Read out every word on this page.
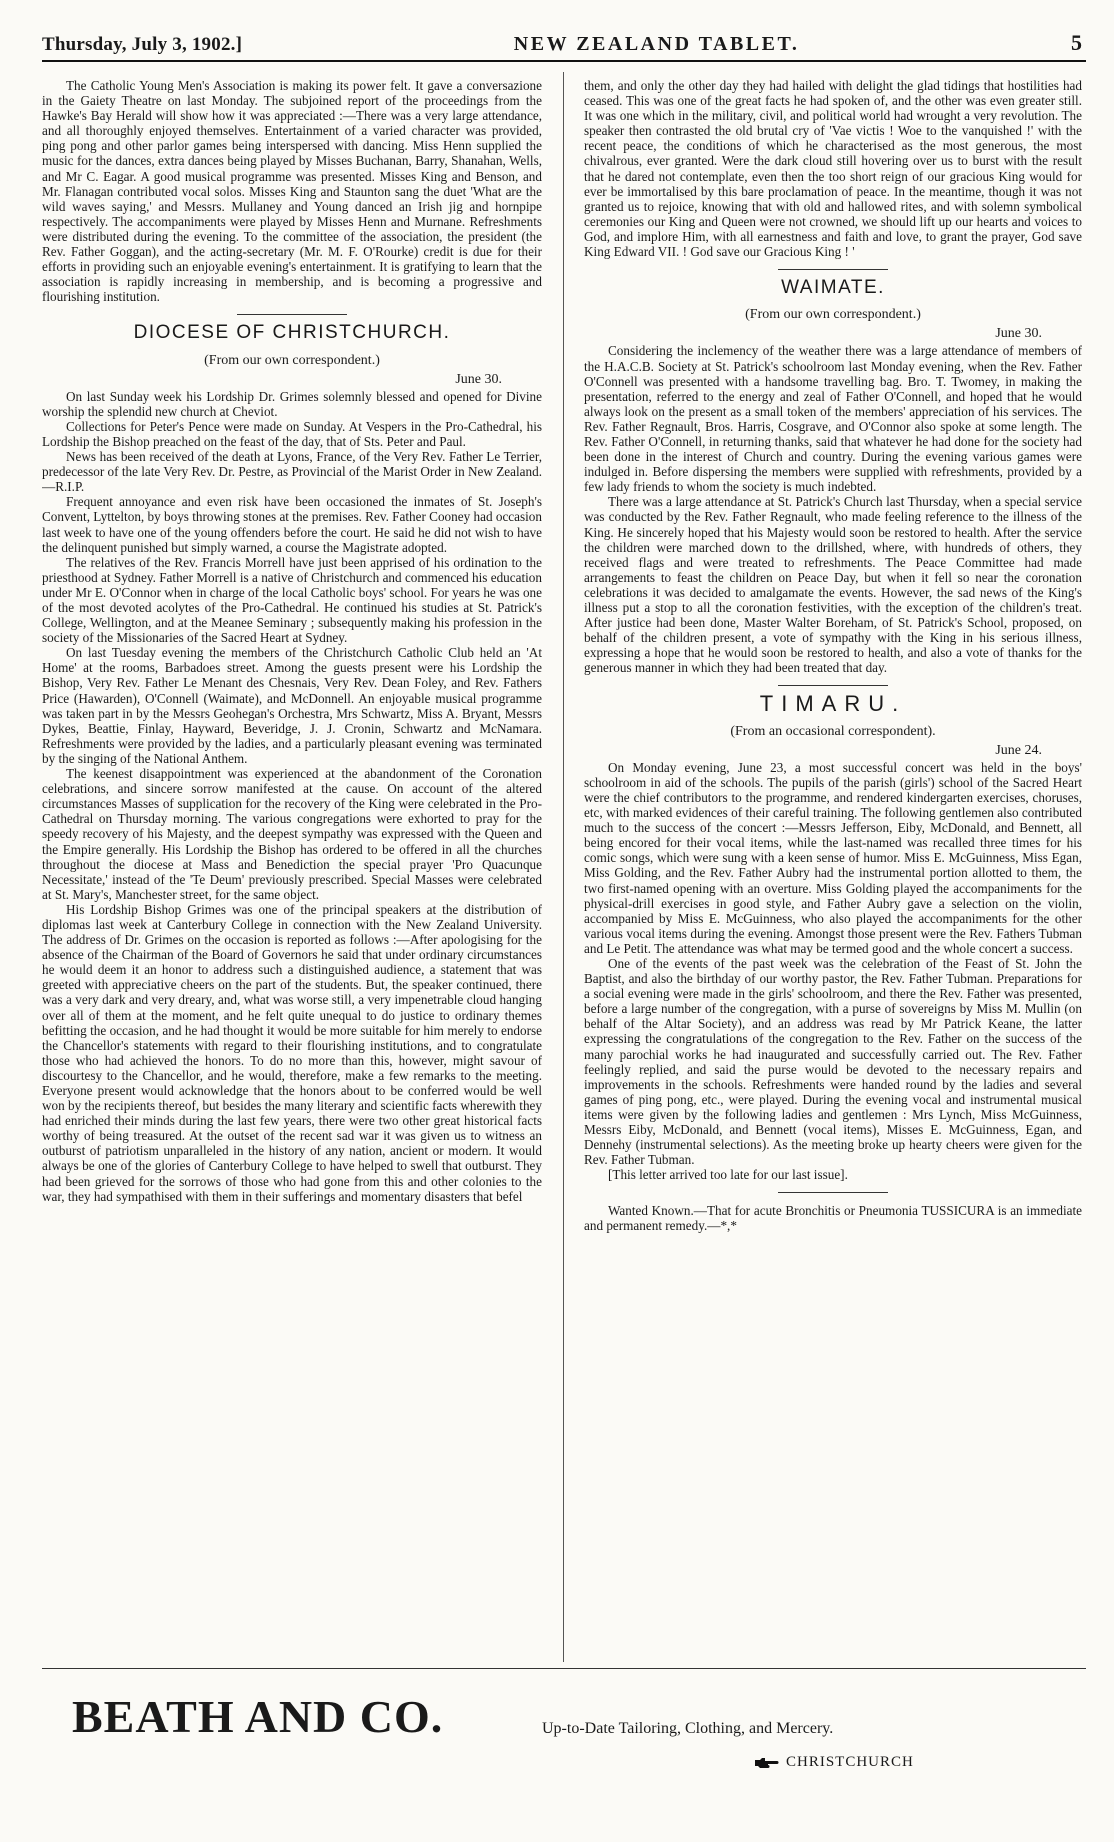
Thursday, July 3, 1902.]	NEW ZEALAND TABLET.	5

The Catholic Young Men's Association is making its power felt. It gave a conversazione in the Gaiety Theatre on last Monday. The subjoined report of the proceedings from the Hawke's Bay Herald will show how it was appreciated :—There was a very large attendance, and all thoroughly enjoyed themselves. Entertainment of a varied character was provided, ping pong and other parlor games being interspersed with dancing. Miss Henn supplied the music for the dances, extra dances being played by Misses Buchanan, Barry, Shanahan, Wells, and Mr C. Eagar. A good musical programme was presented. Misses King and Benson, and Mr. Flanagan contributed vocal solos. Misses King and Staunton sang the duet 'What are the wild waves saying,' and Messrs. Mullaney and Young danced an Irish jig and hornpipe respectively. The accompaniments were played by Misses Henn and Murnane. Refreshments were distributed during the evening. To the committee of the association, the president (the Rev. Father Goggan), and the acting-secretary (Mr. M. F. O'Rourke) credit is due for their efforts in providing such an enjoyable evening's entertainment. It is gratifying to learn that the association is rapidly increasing in membership, and is becoming a progressive and flourishing institution.

DIOCESE OF CHRISTCHURCH.
(From our own correspondent.)
June 30.

On last Sunday week his Lordship Dr. Grimes solemnly blessed and opened for Divine worship the splendid new church at Cheviot.

Collections for Peter's Pence were made on Sunday. At Vespers in the Pro-Cathedral, his Lordship the Bishop preached on the feast of the day, that of Sts. Peter and Paul.

News has been received of the death at Lyons, France, of the Very Rev. Father Le Terrier, predecessor of the late Very Rev. Dr. Pestre, as Provincial of the Marist Order in New Zealand.—R.I.P.

Frequent annoyance and even risk have been occasioned the inmates of St. Joseph's Convent, Lyttelton, by boys throwing stones at the premises. Rev. Father Cooney had occasion last week to have one of the young offenders before the court. He said he did not wish to have the delinquent punished but simply warned, a course the Magistrate adopted.

The relatives of the Rev. Francis Morrell have just been apprised of his ordination to the priesthood at Sydney. Father Morrell is a native of Christchurch and commenced his education under Mr E. O'Connor when in charge of the local Catholic boys' school. For years he was one of the most devoted acolytes of the Pro-Cathedral. He continued his studies at St. Patrick's College, Wellington, and at the Meanee Seminary ; subsequently making his profession in the society of the Missionaries of the Sacred Heart at Sydney.

On last Tuesday evening the members of the Christchurch Catholic Club held an 'At Home' at the rooms, Barbadoes street. Among the guests present were his Lordship the Bishop, Very Rev. Father Le Menant des Chesnais, Very Rev. Dean Foley, and Rev. Fathers Price (Hawarden), O'Connell (Waimate), and McDonnell. An enjoyable musical programme was taken part in by the Messrs Geohegan's Orchestra, Mrs Schwartz, Miss A. Bryant, Messrs Dykes, Beattie, Finlay, Hayward, Beveridge, J. J. Cronin, Schwartz and McNamara. Refreshments were provided by the ladies, and a particularly pleasant evening was terminated by the singing of the National Anthem.

The keenest disappointment was experienced at the abandonment of the Coronation celebrations, and sincere sorrow manifested at the cause. On account of the altered circumstances Masses of supplication for the recovery of the King were celebrated in the Pro-Cathedral on Thursday morning. The various congregations were exhorted to pray for the speedy recovery of his Majesty, and the deepest sympathy was expressed with the Queen and the Empire generally. His Lordship the Bishop has ordered to be offered in all the churches throughout the diocese at Mass and Benediction the special prayer 'Pro Quacunque Necessitate,' instead of the 'Te Deum' previously prescribed. Special Masses were celebrated at St. Mary's, Manchester street, for the same object.

His Lordship Bishop Grimes was one of the principal speakers at the distribution of diplomas last week at Canterbury College in connection with the New Zealand University. The address of Dr. Grimes on the occasion is reported as follows :—After apologising for the absence of the Chairman of the Board of Governors he said that under ordinary circumstances he would deem it an honor to address such a distinguished audience, a statement that was greeted with appreciative cheers on the part of the students. But, the speaker continued, there was a very dark and very dreary, and, what was worse still, a very impenetrable cloud hanging over all of them at the moment, and he felt quite unequal to do justice to ordinary themes befitting the occasion, and he had thought it would be more suitable for him merely to endorse the Chancellor's statements with regard to their flourishing institutions, and to congratulate those who had achieved the honors. To do no more than this, however, might savour of discourtesy to the Chancellor, and he would, therefore, make a few remarks to the meeting. Everyone present would acknowledge that the honors about to be conferred would be well won by the recipients thereof, but besides the many literary and scientific facts wherewith they had enriched their minds during the last few years, there were two other great historical facts worthy of being treasured. At the outset of the recent sad war it was given us to witness an outburst of patriotism unparalleled in the history of any nation, ancient or modern. It would always be one of the glories of Canterbury College to have helped to swell that outburst. They had been grieved for the sorrows of those who had gone from this and other colonies to the war, they had sympathised with them in their sufferings and momentary disasters that befel

them, and only the other day they had hailed with delight the glad tidings that hostilities had ceased. This was one of the great facts he had spoken of, and the other was even greater still. It was one which in the military, civil, and political world had wrought a very revolution. The speaker then contrasted the old brutal cry of 'Vae victis ! Woe to the vanquished !' with the recent peace, the conditions of which he characterised as the most generous, the most chivalrous, ever granted. Were the dark cloud still hovering over us to burst with the result that he dared not contemplate, even then the too short reign of our gracious King would for ever be immortalised by this bare proclamation of peace. In the meantime, though it was not granted us to rejoice, knowing that with old and hallowed rites, and with solemn symbolical ceremonies our King and Queen were not crowned, we should lift up our hearts and voices to God, and implore Him, with all earnestness and faith and love, to grant the prayer, God save King Edward VII. ! God save our Gracious King ! '

WAIMATE.
(From our own correspondent.)
June 30.

Considering the inclemency of the weather there was a large attendance of members of the H.A.C.B. Society at St. Patrick's schoolroom last Monday evening, when the Rev. Father O'Connell was presented with a handsome travelling bag. Bro. T. Twomey, in making the presentation, referred to the energy and zeal of Father O'Connell, and hoped that he would always look on the present as a small token of the members' appreciation of his services. The Rev. Father Regnault, Bros. Harris, Cosgrave, and O'Connor also spoke at some length. The Rev. Father O'Connell, in returning thanks, said that whatever he had done for the society had been done in the interest of Church and country. During the evening various games were indulged in. Before dispersing the members were supplied with refreshments, provided by a few lady friends to whom the society is much indebted.

There was a large attendance at St. Patrick's Church last Thursday, when a special service was conducted by the Rev. Father Regnault, who made feeling reference to the illness of the King. He sincerely hoped that his Majesty would soon be restored to health. After the service the children were marched down to the drillshed, where, with hundreds of others, they received flags and were treated to refreshments. The Peace Committee had made arrangements to feast the children on Peace Day, but when it fell so near the coronation celebrations it was decided to amalgamate the events. However, the sad news of the King's illness put a stop to all the coronation festivities, with the exception of the children's treat. After justice had been done, Master Walter Boreham, of St. Patrick's School, proposed, on behalf of the children present, a vote of sympathy with the King in his serious illness, expressing a hope that he would soon be restored to health, and also a vote of thanks for the generous manner in which they had been treated that day.

TIMARU.
(From an occasional correspondent).
June 24.

On Monday evening, June 23, a most successful concert was held in the boys' schoolroom in aid of the schools. The pupils of the parish (girls') school of the Sacred Heart were the chief contributors to the programme, and rendered kindergarten exercises, choruses, etc, with marked evidences of their careful training. The following gentlemen also contributed much to the success of the concert :—Messrs Jefferson, Eiby, McDonald, and Bennett, all being encored for their vocal items, while the last-named was recalled three times for his comic songs, which were sung with a keen sense of humor. Miss E. McGuinness, Miss Egan, Miss Golding, and the Rev. Father Aubry had the instrumental portion allotted to them, the two first-named opening with an overture. Miss Golding played the accompaniments for the physical-drill exercises in good style, and Father Aubry gave a selection on the violin, accompanied by Miss E. McGuinness, who also played the accompaniments for the other various vocal items during the evening. Amongst those present were the Rev. Fathers Tubman and Le Petit. The attendance was what may be termed good and the whole concert a success.

One of the events of the past week was the celebration of the Feast of St. John the Baptist, and also the birthday of our worthy pastor, the Rev. Father Tubman. Preparations for a social evening were made in the girls' schoolroom, and there the Rev. Father was presented, before a large number of the congregation, with a purse of sovereigns by Miss M. Mullin (on behalf of the Altar Society), and an address was read by Mr Patrick Keane, the latter expressing the congratulations of the congregation to the Rev. Father on the success of the many parochial works he had inaugurated and successfully carried out. The Rev. Father feelingly replied, and said the purse would be devoted to the necessary repairs and improvements in the schools. Refreshments were handed round by the ladies and several games of ping pong, etc., were played. During the evening vocal and instrumental musical items were given by the following ladies and gentlemen : Mrs Lynch, Miss McGuinness, Messrs Eiby, McDonald, and Bennett (vocal items), Misses E. McGuinness, Egan, and Dennehy (instrumental selections). As the meeting broke up hearty cheers were given for the Rev. Father Tubman.

[This letter arrived too late for our last issue].

Wanted Known.—That for acute Bronchitis or Pneumonia TUSSICURA is an immediate and permanent remedy.—*,*

BEATH AND CO.	Up-to-Date Tailoring, Clothing, and Mercery.
CHRISTCHURCH
